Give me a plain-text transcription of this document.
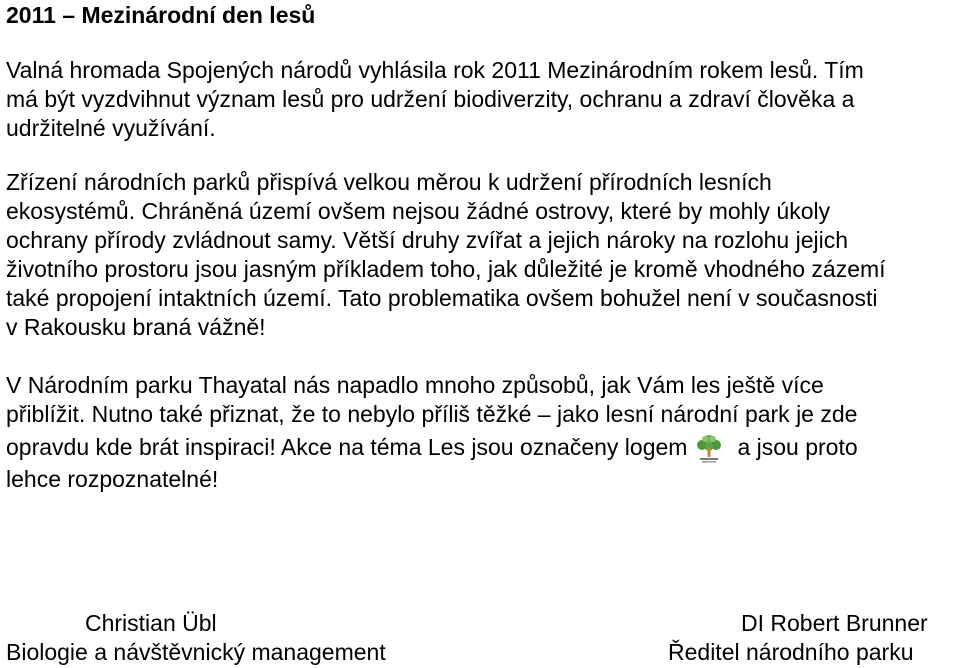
2011 – Mezinárodní den lesů
Valná hromada Spojených národů vyhlásila rok 2011 Mezinárodním rokem lesů. Tím
má být vyzdvihnut význam lesů pro udržení biodiverzity, ochranu a zdraví člověka a
udržitelné využívání.
Zřízení národních parků přispívá velkou měrou k udržení přírodních lesních
ekosystémů. Chráněná území ovšem nejsou žádné ostrovy, které by mohly úkoly
ochrany přírody zvládnout samy. Větší druhy zvířat a jejich nároky na rozlohu jejich
životního prostoru jsou jasným příkladem toho, jak důležité je kromě vhodného zázemí
také propojení intaktních území. Tato problematika ovšem bohužel není v současnosti
v Rakousku braná vážně!
V Národním parku Thayatal nás napadlo mnoho způsobů, jak Vám les ještě více
přiblížit. Nutno také přiznat, že to nebylo příliš těžké – jako lesní národní park je zde
opravdu kde brát inspiraci! Akce na téma Les jsou označeny logem a jsou proto
lehce rozpoznatelné!
Christian Übl
Biologie a návštěvnický management
DI Robert Brunner
Ředitel národního parku
